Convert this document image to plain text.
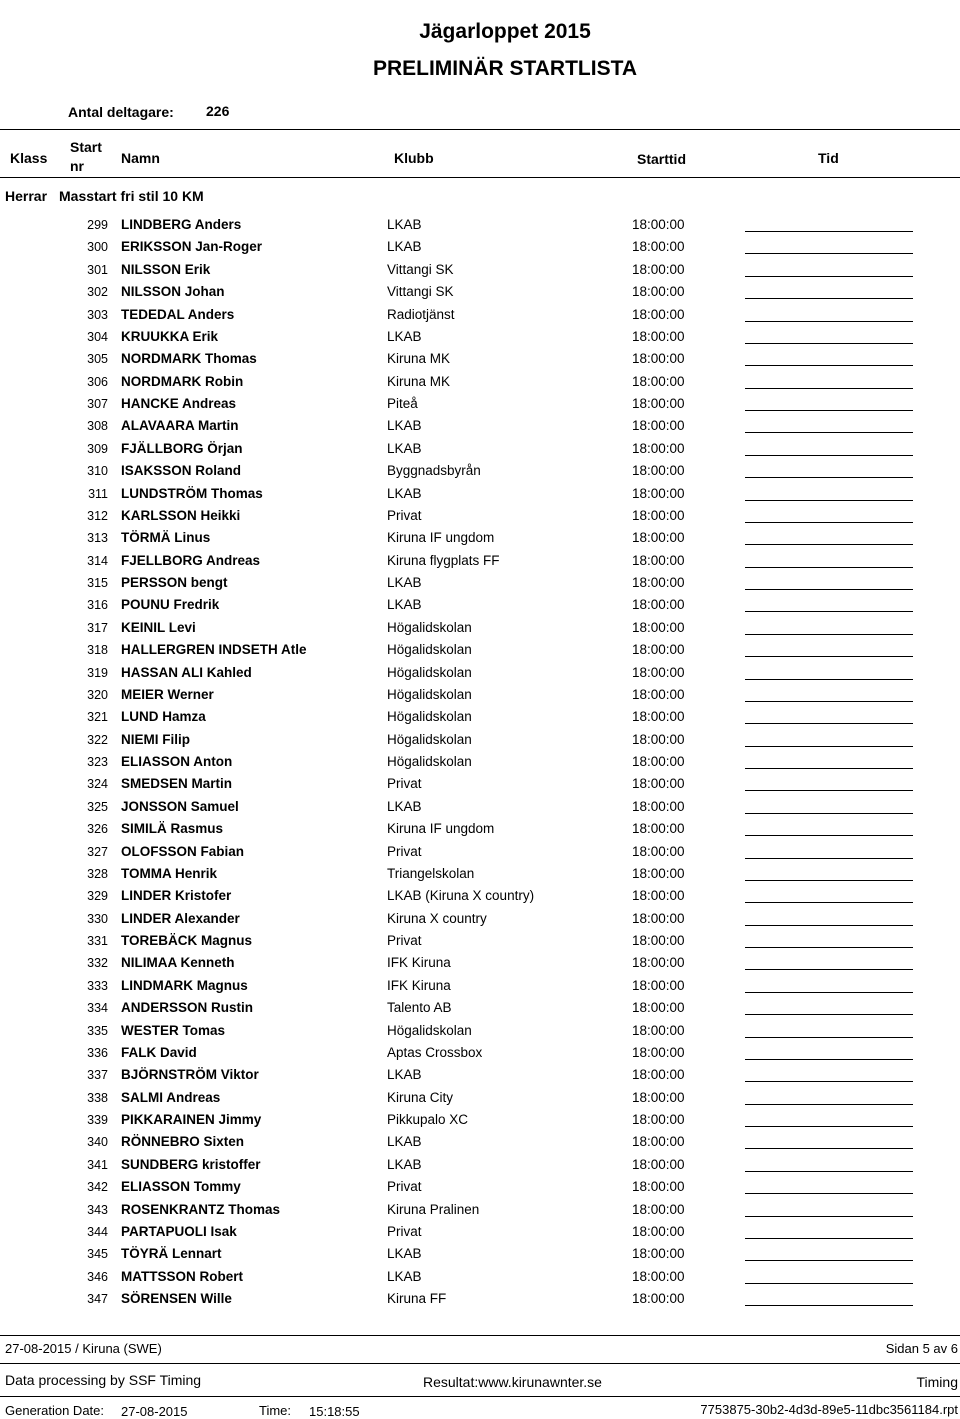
Jägarloppet 2015
PRELIMINÄR STARTLISTA
Antal deltagare: 226
Klass
Start
nr	Namn	Klubb	Starttid	Tid
Herrar Masstart fri stil 10 KM
299 LINDBERG Anders	LKAB	18:00:00
300 ERIKSSON Jan-Roger	LKAB	18:00:00
301 NILSSON Erik	Vittangi SK	18:00:00
302 NILSSON Johan	Vittangi SK	18:00:00
303 TEDEDAL Anders	Radiotjänst	18:00:00
304 KRUUKKA Erik	LKAB	18:00:00
305 NORDMARK Thomas	Kiruna MK	18:00:00
306 NORDMARK Robin	Kiruna MK	18:00:00
307 HANCKE Andreas	Piteå	18:00:00
308 ALAVAARA Martin	LKAB	18:00:00
309 FJÄLLBORG Örjan	LKAB	18:00:00
310 ISAKSSON Roland	Byggnadsbyrån	18:00:00
311 LUNDSTRÖM Thomas	LKAB	18:00:00
312 KARLSSON Heikki	Privat	18:00:00
313 TÖRMÄ Linus	Kiruna IF ungdom	18:00:00
314 FJELLBORG Andreas	Kiruna flygplats FF	18:00:00
315 PERSSON bengt	LKAB	18:00:00
316 POUNU Fredrik	LKAB	18:00:00
317 KEINIL Levi	Högalidskolan	18:00:00
318 HALLERGREN INDSETH Atle	Högalidskolan	18:00:00
319 HASSAN ALI Kahled	Högalidskolan	18:00:00
320 MEIER Werner	Högalidskolan	18:00:00
321 LUND Hamza	Högalidskolan	18:00:00
322 NIEMI Filip	Högalidskolan	18:00:00
323 ELIASSON Anton	Högalidskolan	18:00:00
324 SMEDSEN Martin	Privat	18:00:00
325 JONSSON Samuel	LKAB	18:00:00
326 SIMILÄ Rasmus	Kiruna IF ungdom	18:00:00
327 OLOFSSON Fabian	Privat	18:00:00
328 TOMMA Henrik	Triangelskolan	18:00:00
329 LINDER Kristofer	LKAB (Kiruna X country)	18:00:00
330 LINDER Alexander	Kiruna X country	18:00:00
331 TOREBÄCK Magnus	Privat	18:00:00
332 NILIMAA Kenneth	IFK Kiruna	18:00:00
333 LINDMARK Magnus	IFK Kiruna	18:00:00
334 ANDERSSON Rustin	Talento AB	18:00:00
335 WESTER Tomas	Högalidskolan	18:00:00
336 FALK David	Aptas Crossbox	18:00:00
337 BJÖRNSTRÖM Viktor	LKAB	18:00:00
338 SALMI Andreas	Kiruna City	18:00:00
339 PIKKARAINEN Jimmy	Pikkupalo XC	18:00:00
340 RÖNNEBRO Sixten	LKAB	18:00:00
341 SUNDBERG kristoffer	LKAB	18:00:00
342 ELIASSON Tommy	Privat	18:00:00
343 ROSENKRANTZ Thomas	Kiruna Pralinen	18:00:00
344 PARTAPUOLI Isak	Privat	18:00:00
345 TÖYRÄ Lennart	LKAB	18:00:00
346 MATTSSON Robert	LKAB	18:00:00
347 SÖRENSEN Wille	Kiruna FF	18:00:00
27-08-2015 / Kiruna (SWE)	Sidan 5 av 6
Data processing by SSF Timing	Resultat:www.kirunawnter.se	Timing
Generation Date: 27-08-2015	Time: 15:18:55	7753875-30b2-4d3d-89e5-11dbc3561184.rpt
